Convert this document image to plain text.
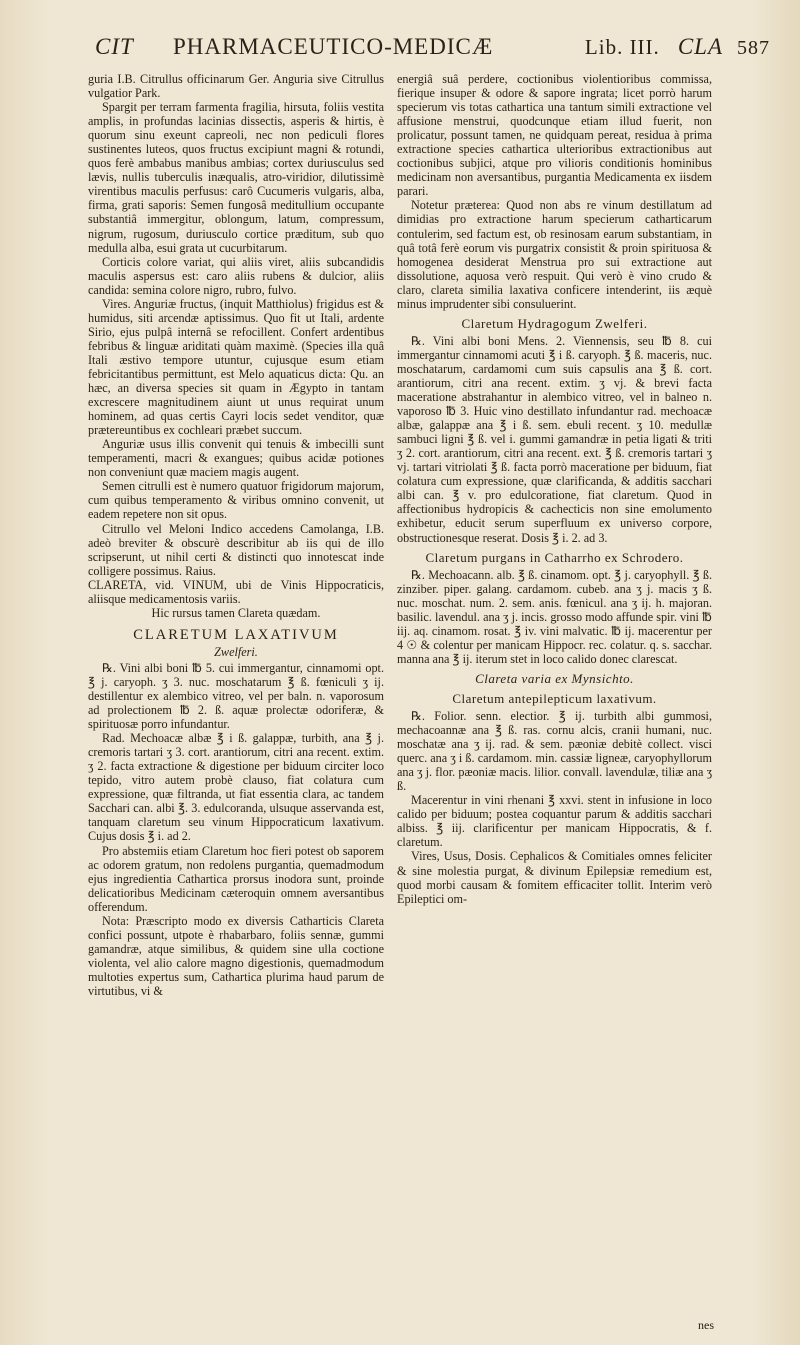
CIT	PHARMACEUTICO-MEDICÆ	Lib. III. CLA 587

guria I.B. Citrullus officinarum Ger. Anguria sive Citrullus vulgatior Park.

Spargit per terram farmenta fragilia, hirsuta, foliis vestita amplis, in profundas lacinias dissectis, asperis & hirtis, è quorum sinu exeunt capreoli, nec non pediculi flores sustinentes luteos, quos fructus excipiunt magni & rotundi, quos ferè ambabus manibus ambias; cortex duriusculus sed lævis, nullis tuberculis inæqualis, atro-viridior, dilutissimè virentibus maculis perfusus: carô Cucumeris vulgaris, alba, firma, grati saporis: Semen fungosâ meditullium occupante substantiâ immergitur, oblongum, latum, compressum, nigrum, rugosum, duriusculo cortice præditum, sub quo medulla alba, esui grata ut cucurbitarum.

Corticis colore variat, qui aliis viret, aliis subcandidis maculis aspersus est: caro aliis rubens & dulcior, aliis candida: semina colore nigro, rubro, fulvo.

Vires. Anguriæ fructus, (inquit Matthiolus) frigidus est & humidus, siti arcendæ aptissimus. Quo fit ut Itali, ardente Sirio, ejus pulpâ internâ se refocillent. Confert ardentibus febribus & linguæ ariditati quàm maximè. (Species illa quâ Itali æstivo tempore utuntur, cujusque esum etiam febricitantibus permittunt, est Melo aquaticus dicta: Qu. an hæc, an diversa species sit quam in Ægypto in tantam excrescere magnitudinem aiunt ut unus requirat unum hominem, ad quas certis Cayri locis sedet venditor, quæ prætereuntibus ex cochleari præbet succum.

Anguriæ usus illis convenit qui tenuis & imbecilli sunt temperamenti, macri & exangues; quibus acidæ potiones non conveniunt quæ maciem magis augent.

Semen citrulli est è numero quatuor frigidorum majorum, cum quibus temperamento & viribus omnino convenit, ut eadem repetere non sit opus.

Citrullo vel Meloni Indico accedens Camolanga, I.B. adeò breviter & obscurè describitur ab iis qui de illo scripserunt, ut nihil certi & distincti quo innotescat inde colligere possimus. Raius.

CLARETA, vid. VINUM, ubi de Vinis Hippocraticis, aliisque medicamentosis variis.

Hic rursus tamen Clareta quædam.

CLARETUM LAXATIVUM
Zwelferi.

℞. Vini albi boni ℔ 5. cui immergantur, cinnamomi opt. ℥ j. caryoph. ʒ 3. nuc. moschatarum ℥ ß. fœniculi ʒ ij. destillentur ex alembico vitreo, vel per baln. n. vaporosum ad prolectionem ℔ 2. ß. aquæ prolectæ odoriferæ, & spirituosæ porro infundantur.

Rad. Mechoacæ albæ ℥ i ß. galappæ, turbith, ana ℥ j. cremoris tartari ʒ 3. cort. arantiorum, citri ana recent. extim. ʒ 2. facta extractione & digestione per biduum circiter loco tepido, vitro autem probè clauso, fiat colatura cum expressione, quæ filtranda, ut fiat essentia clara, ac tandem Sacchari can. albi ℥. 3. edulcoranda, ulsuque asservanda est, tanquam claretum seu vinum Hippocraticum laxativum. Cujus dosis ℥ i. ad 2.

Pro abstemiis etiam Claretum hoc fieri potest ob saporem ac odorem gratum, non redolens purgantia, quemadmodum ejus ingredientia Cathartica prorsus inodora sunt, proinde delicatioribus Medicinam cæteroquin omnem aversantibus offerendum.

Nota: Præscripto modo ex diversis Catharticis Clareta confici possunt, utpote è rhabarbaro, foliis sennæ, gummi gamandræ, atque similibus, & quidem sine ulla coctione violenta, vel alio calore magno digestionis, quemadmodum multoties expertus sum, Cathartica plurima haud parum de virtutibus, vi &

energiâ suâ perdere, coctionibus violentioribus commissa, fierique insuper & odore & sapore ingrata; licet porrò harum specierum vis totas cathartica una tantum simili extractione vel affusione menstrui, quodcunque etiam illud fuerit, non prolicatur, possunt tamen, ne quidquam pereat, residua à prima extractione species cathartica ulterioribus extractionibus aut coctionibus subjici, atque pro vilioris conditionis hominibus medicinam non aversantibus, purgantia Medicamenta ex iisdem parari.

Notetur præterea: Quod non abs re vinum destillatum ad dimidias pro extractione harum specierum catharticarum contulerim, sed factum est, ob resinosam earum substantiam, in quâ totâ ferè eorum vis purgatrix consistit & proin spirituosa & homogenea desiderat Menstrua pro sui extractione aut dissolutione, aquosa verò respuit. Qui verò è vino crudo & claro, clareta similia laxativa conficere intenderint, iis æquè minus imprudenter sibi consuluerint.

Claretum Hydragogum Zwelferi.

℞. Vini albi boni Mens. 2. Viennensis, seu ℔ 8. cui immergantur cinnamomi acuti ℥ i ß. caryoph. ℥ ß. maceris, nuc. moschatarum, cardamomi cum suis capsulis ana ℥ ß. cort. arantiorum, citri ana recent. extim. ʒ vj. & brevi facta maceratione abstrahantur in alembico vitreo, vel in balneo n. vaporoso ℔ 3. Huic vino destillato infundantur rad. mechoacæ albæ, galappæ ana ℥ i ß. sem. ebuli recent. ʒ 10. medullæ sambuci ligni ℥ ß. vel i. gummi gamandræ in petia ligati & triti ʒ 2. cort. arantiorum, citri ana recent. ext. ℥ ß. cremoris tartari ʒ vj. tartari vitriolati ℥ ß. facta porrò maceratione per biduum, fiat colatura cum expressione, quæ clarificanda, & additis sacchari albi can. ℥ v. pro edulcoratione, fiat claretum. Quod in affectionibus hydropicis & cachecticis non sine emolumento exhibetur, educit serum superfluum ex universo corpore, obstructionesque reserat. Dosis ℥ i. 2. ad 3.

Claretum purgans in Catharrho ex Schrodero.

℞. Mechoacann. alb. ℥ ß. cinamom. opt. ℥ j. caryophyll. ℥ ß. zinziber. piper. galang. cardamom. cubeb. ana ʒ j. macis ʒ ß. nuc. moschat. num. 2. sem. anis. fœnicul. ana ʒ ij. h. majoran. basilic. lavendul. ana ʒ j. incis. grosso modo affunde spir. vini ℔ iij. aq. cinamom. rosat. ℥ iv. vini malvatic. ℔ ij. macerentur per 4 ☉ & colentur per manicam Hippocr. rec. colatur. q. s. sacchar. manna ana ℥ ij. iterum stet in loco calido donec clarescat.

Clareta varia ex Mynsichto.
Claretum antepilepticum laxativum.

℞. Folior. senn. electior. ℥ ij. turbith albi gummosi, mechacoannæ ana ℥ ß. ras. cornu alcis, cranii humani, nuc. moschatæ ana ʒ ij. rad. & sem. pæoniæ debitè collect. visci querc. ana ʒ i ß. cardamom. min. cassiæ ligneæ, caryophyllorum ana ʒ j. flor. pæoniæ macis. lilior. convall. lavendulæ, tiliæ ana ʒ ß.

Macerentur in vini rhenani ℥ xxvi. stent in infusione in loco calido per biduum; postea coquantur parum & additis sacchari albiss. ℥ iij. clarificentur per manicam Hippocratis, & f. claretum.

Vires, Usus, Dosis. Cephalicos & Comitiales omnes feliciter & sine molestia purgat, & divinum Epilepsiæ remedium est, quod morbi causam & fomitem efficaciter tollit. Interim verò Epileptici om-

nes
